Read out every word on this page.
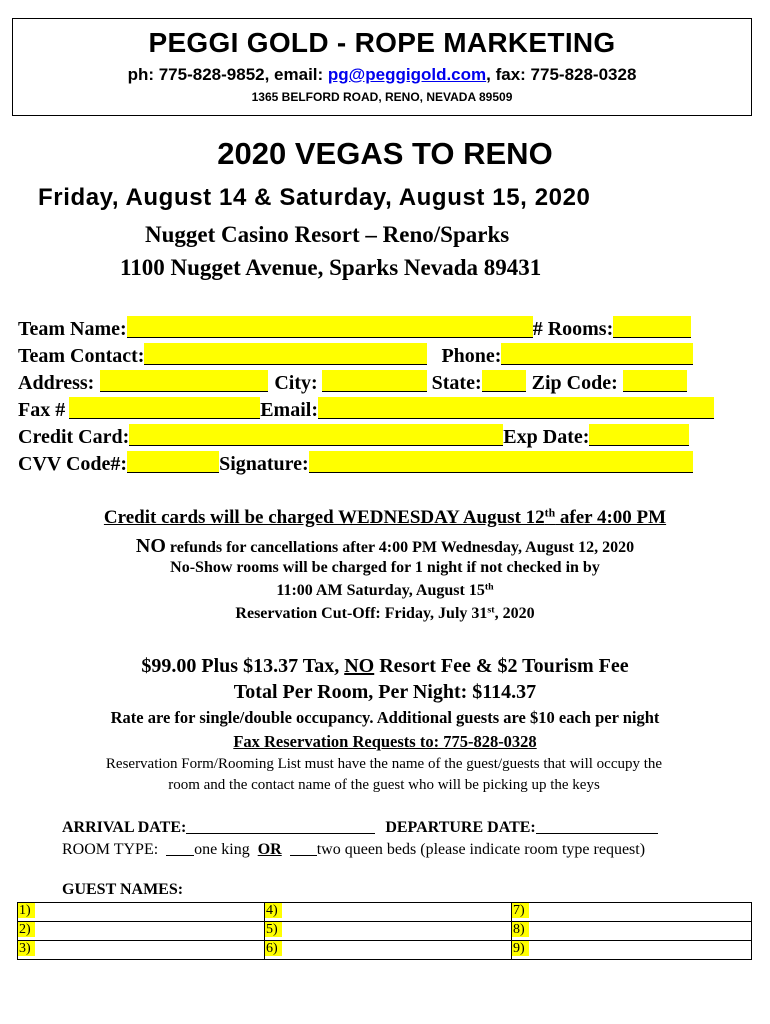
PEGGI GOLD - ROPE MARKETING
ph: 775-828-9852, email: pg@peggigold.com, fax: 775-828-0328
1365 BELFORD ROAD, RENO, NEVADA 89509
2020 VEGAS TO RENO
Friday, August 14 & Saturday, August 15, 2020
Nugget Casino Resort – Reno/Sparks
1100 Nugget Avenue, Sparks Nevada 89431
Team Name:	# Rooms:
Team Contact:	Phone:
Address:	City:	State:	Zip Code:
Fax #	Email:
Credit Card:	Exp Date:
CVV Code#:	Signature:
Credit cards will be charged WEDNESDAY August 12th afer 4:00 PM
NO refunds for cancellations after 4:00 PM Wednesday, August 12, 2020
No-Show rooms will be charged for 1 night if not checked in by
11:00 AM Saturday, August 15th
Reservation Cut-Off: Friday, July 31st, 2020
$99.00 Plus $13.37 Tax, NO Resort Fee & $2 Tourism Fee
Total Per Room, Per Night: $114.37
Rate are for single/double occupancy. Additional guests are $10 each per night
Fax Reservation Requests to: 775-828-0328
Reservation Form/Rooming List must have the name of the guest/guests that will occupy the
room and the contact name of the guest who will be picking up the keys
ARRIVAL DATE:	DEPARTURE DATE:
ROOM TYPE: one king OR two queen beds (please indicate room type request)
GUEST NAMES:
1)	4)	7)
2)	5)	8)
3)	6)	9)
